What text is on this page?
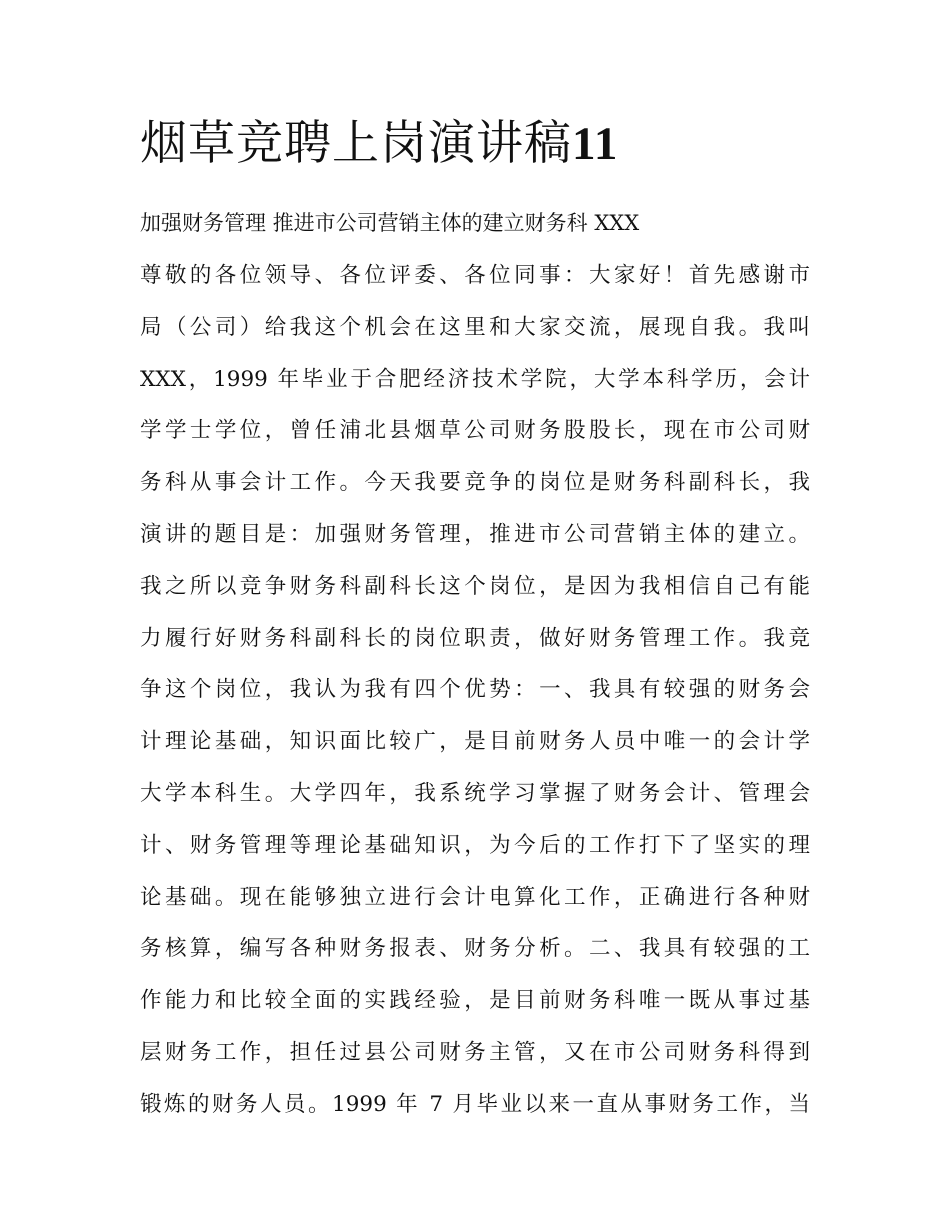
烟草竞聘上岗演讲稿11

加强财务管理 推进市公司营销主体的建立财务科 XXX

尊敬的各位领导、各位评委、各位同事：大家好！首先感谢市
局（公司）给我这个机会在这里和大家交流，展现自我。我叫
XXX，1999 年毕业于合肥经济技术学院，大学本科学历，会计
学学士学位，曾任浦北县烟草公司财务股股长，现在市公司财
务科从事会计工作。今天我要竞争的岗位是财务科副科长，我
演讲的题目是：加强财务管理，推进市公司营销主体的建立。
我之所以竞争财务科副科长这个岗位，是因为我相信自己有能
力履行好财务科副科长的岗位职责，做好财务管理工作。我竞
争这个岗位，我认为我有四个优势：一、我具有较强的财务会
计理论基础，知识面比较广，是目前财务人员中唯一的会计学
大学本科生。大学四年，我系统学习掌握了财务会计、管理会
计、财务管理等理论基础知识，为今后的工作打下了坚实的理
论基础。现在能够独立进行会计电算化工作，正确进行各种财
务核算，编写各种财务报表、财务分析。二、我具有较强的工
作能力和比较全面的实践经验，是目前财务科唯一既从事过基
层财务工作，担任过县公司财务主管，又在市公司财务科得到
锻炼的财务人员。1999 年 7 月毕业以来一直从事财务工作，当
